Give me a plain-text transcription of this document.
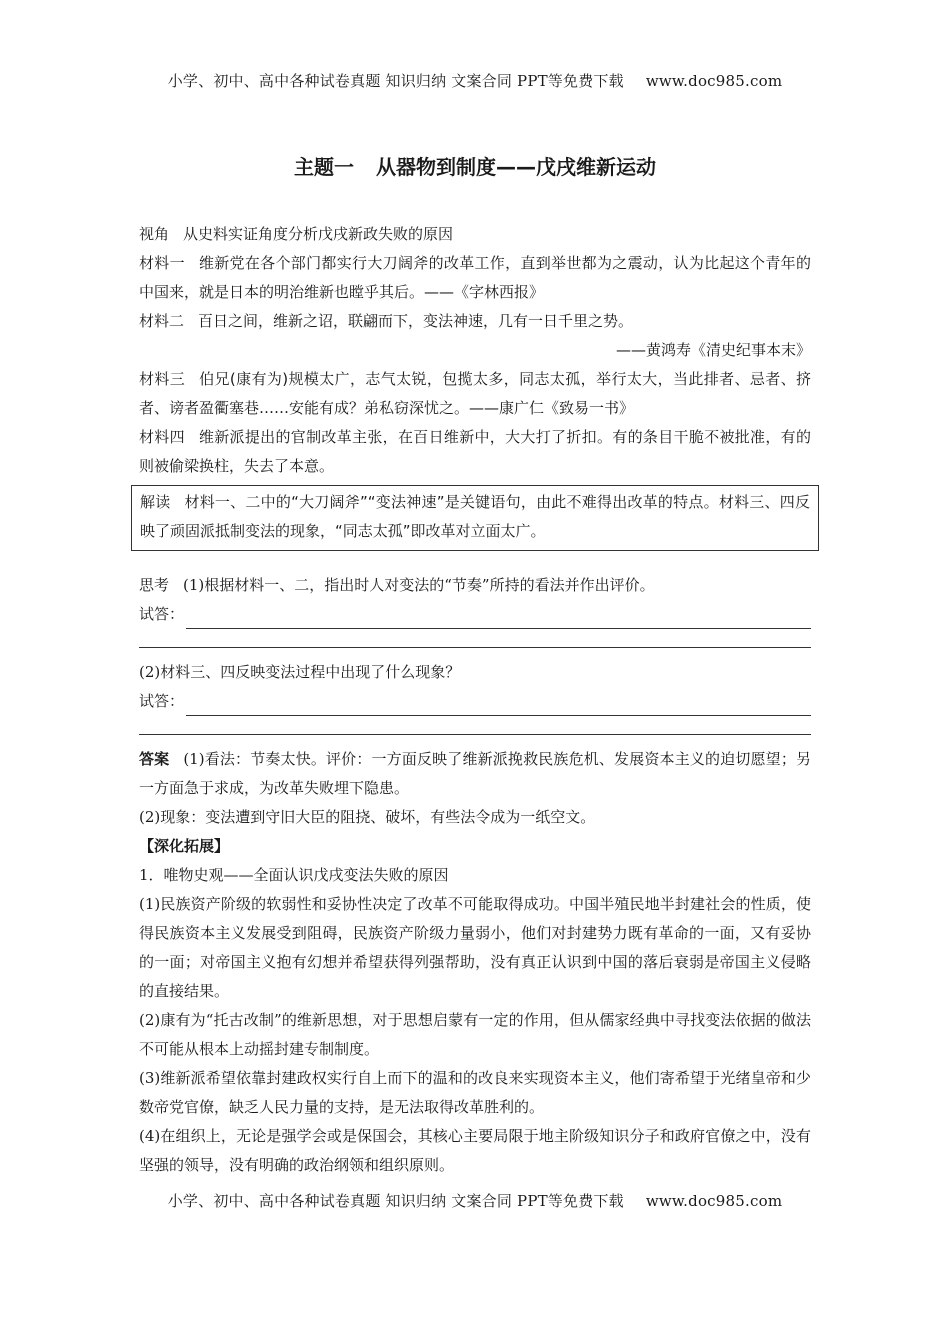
小学、初中、高中各种试卷真题 知识归纳 文案合同 PPT等免费下载 www.doc985.com
主题一 从器物到制度——戊戌维新运动

视角 从史料实证角度分析戊戌新政失败的原因

材料一 维新党在各个部门都实行大刀阔斧的改革工作，直到举世都为之震动，认为比起这个青年的中国来，就是日本的明治维新也瞠乎其后。——《字林西报》

材料二 百日之间，维新之诏，联翩而下，变法神速，几有一日千里之势。

——黄鸿寿《清史纪事本末》

材料三 伯兄(康有为)规模太广，志气太锐，包揽太多，同志太孤，举行太大，当此排者、忌者、挤者、谤者盈衢塞巷……安能有成？弟私窃深忧之。——康广仁《致易一书》

材料四 维新派提出的官制改革主张，在百日维新中，大大打了折扣。有的条目干脆不被批准，有的则被偷梁换柱，失去了本意。

解读 材料一、二中的“大刀阔斧”“变法神速”是关键语句，由此不难得出改革的特点。材料三、四反映了顽固派抵制变法的现象，“同志太孤”即改革对立面太广。

思考 (1)根据材料一、二，指出时人对变法的“节奏”所持的看法并作出评价。

试答：

(2)材料三、四反映变法过程中出现了什么现象？

试答：

答案 (1)看法：节奏太快。评价：一方面反映了维新派挽救民族危机、发展资本主义的迫切愿望；另一方面急于求成，为改革失败埋下隐患。

(2)现象：变法遭到守旧大臣的阻挠、破坏，有些法令成为一纸空文。

【深化拓展】

1．唯物史观——全面认识戊戌变法失败的原因

(1)民族资产阶级的软弱性和妥协性决定了改革不可能取得成功。中国半殖民地半封建社会的性质，使得民族资本主义发展受到阻碍，民族资产阶级力量弱小，他们对封建势力既有革命的一面，又有妥协的一面；对帝国主义抱有幻想并希望获得列强帮助，没有真正认识到中国的落后衰弱是帝国主义侵略的直接结果。

(2)康有为“托古改制”的维新思想，对于思想启蒙有一定的作用，但从儒家经典中寻找变法依据的做法不可能从根本上动摇封建专制制度。

(3)维新派希望依靠封建政权实行自上而下的温和的改良来实现资本主义，他们寄希望于光绪皇帝和少数帝党官僚，缺乏人民力量的支持，是无法取得改革胜利的。

(4)在组织上，无论是强学会或是保国会，其核心主要局限于地主阶级知识分子和政府官僚之中，没有坚强的领导，没有明确的政治纲领和组织原则。

小学、初中、高中各种试卷真题 知识归纳 文案合同 PPT等免费下载 www.doc985.com
